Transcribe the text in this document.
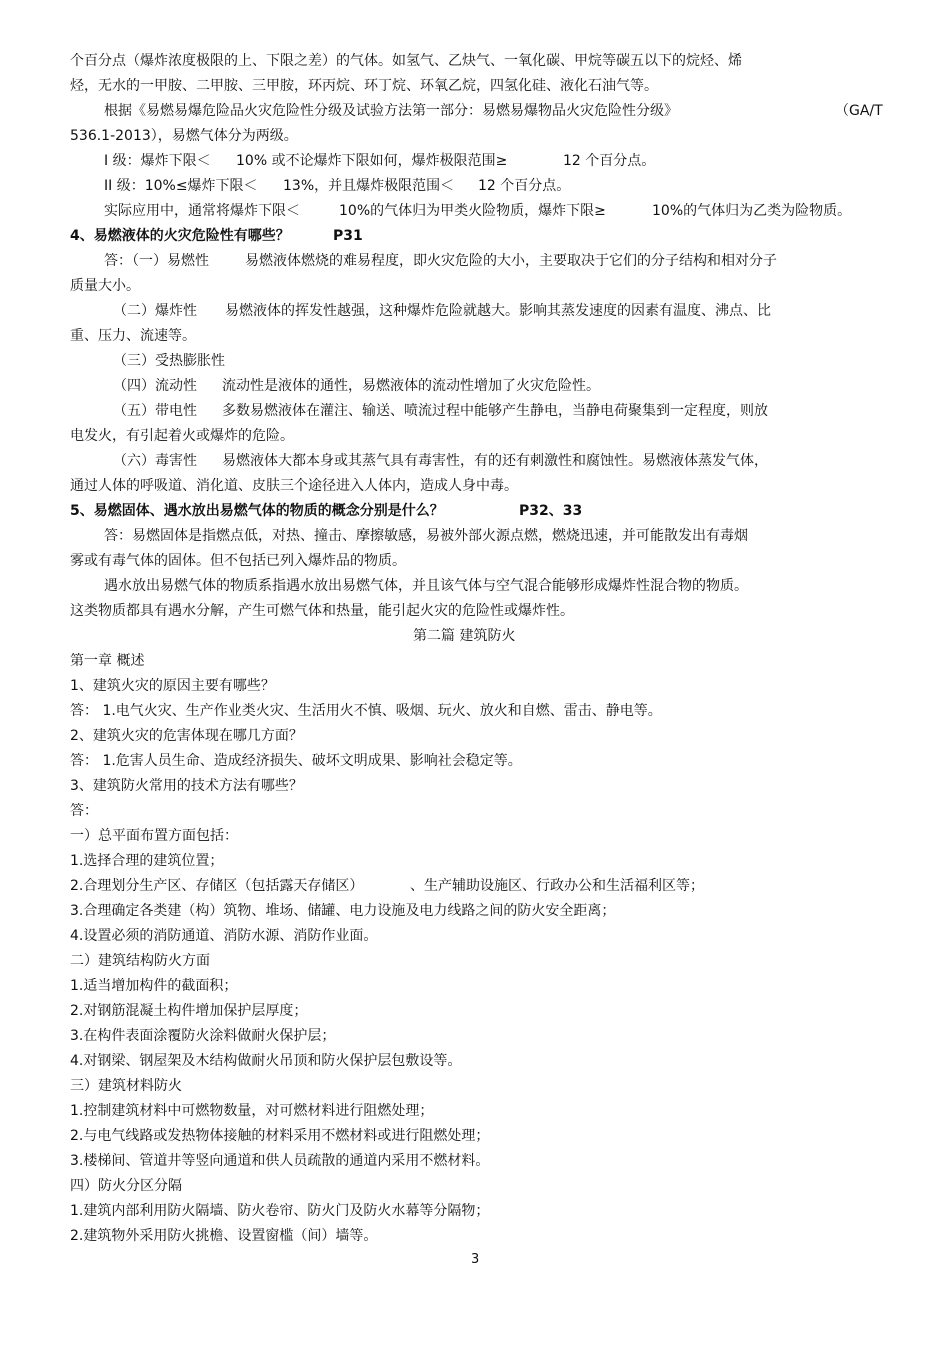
个百分点（爆炸浓度极限的上、下限之差）的气体。如氢气、乙炔气、一氧化碳、甲烷等碳五以下的烷烃、烯
烃，无水的一甲胺、二甲胺、三甲胺，环丙烷、环丁烷、环氧乙烷，四氢化硅、液化石油气等。
根据《易燃易爆危险品火灾危险性分级及试验方法第一部分：易燃易爆物品火灾危险性分级》	（GA/T
536.1-2013），易燃气体分为两级。
I 级：爆炸下限＜ 10% 或不论爆炸下限如何，爆炸极限范围≥	12 个百分点。
II 级：10%≤爆炸下限＜ 13%，并且爆炸极限范围＜ 12 个百分点。
实际应用中，通常将爆炸下限＜	10%的气体归为甲类火险物质，爆炸下限≥	10%的气体归为乙类为险物质。
4、易燃液体的火灾危险性有哪些？	P31
答：（一）易燃性	易燃液体燃烧的难易程度，即火灾危险的大小，主要取决于它们的分子结构和相对分子
质量大小。
（二）爆炸性 易燃液体的挥发性越强，这种爆炸危险就越大。影响其蒸发速度的因素有温度、沸点、比
重、压力、流速等。
（三）受热膨胀性
（四）流动性 流动性是液体的通性，易燃液体的流动性增加了火灾危险性。
（五）带电性 多数易燃液体在灌注、输送、喷流过程中能够产生静电，当静电荷聚集到一定程度，则放
电发火，有引起着火或爆炸的危险。
（六）毒害性 易燃液体大都本身或其蒸气具有毒害性，有的还有刺激性和腐蚀性。易燃液体蒸发气体，
通过人体的呼吸道、消化道、皮肤三个途径进入人体内，造成人身中毒。
5、易燃固体、遇水放出易燃气体的物质的概念分别是什么？	P32、33
答：易燃固体是指燃点低，对热、撞击、摩擦敏感，易被外部火源点燃，燃烧迅速，并可能散发出有毒烟
雾或有毒气体的固体。但不包括已列入爆炸品的物质。
遇水放出易燃气体的物质系指遇水放出易燃气体，并且该气体与空气混合能够形成爆炸性混合物的物质。
这类物质都具有遇水分解，产生可燃气体和热量，能引起火灾的危险性或爆炸性。
第二篇 建筑防火
第一章 概述
1、建筑火灾的原因主要有哪些？
答： 1.电气火灾、生产作业类火灾、生活用火不慎、吸烟、玩火、放火和自燃、雷击、静电等。
2、建筑火灾的危害体现在哪几方面？
答： 1.危害人员生命、造成经济损失、破坏文明成果、影响社会稳定等。
3、建筑防火常用的技术方法有哪些？
答：
一）总平面布置方面包括：
1.选择合理的建筑位置；
2.合理划分生产区、存储区（包括露天存储区）	、生产辅助设施区、行政办公和生活福利区等；
3.合理确定各类建（构）筑物、堆场、储罐、电力设施及电力线路之间的防火安全距离；
4.设置必须的消防通道、消防水源、消防作业面。
二）建筑结构防火方面
1.适当增加构件的截面积；
2.对钢筋混凝土构件增加保护层厚度；
3.在构件表面涂覆防火涂料做耐火保护层；
4.对钢梁、钢屋架及木结构做耐火吊顶和防火保护层包敷设等。
三）建筑材料防火
1.控制建筑材料中可燃物数量，对可燃材料进行阻燃处理；
2.与电气线路或发热物体接触的材料采用不燃材料或进行阻燃处理；
3.楼梯间、管道井等竖向通道和供人员疏散的通道内采用不燃材料。
四）防火分区分隔
1.建筑内部利用防火隔墙、防火卷帘、防火门及防火水幕等分隔物；
2.建筑物外采用防火挑檐、设置窗槛（间）墙等。
3
